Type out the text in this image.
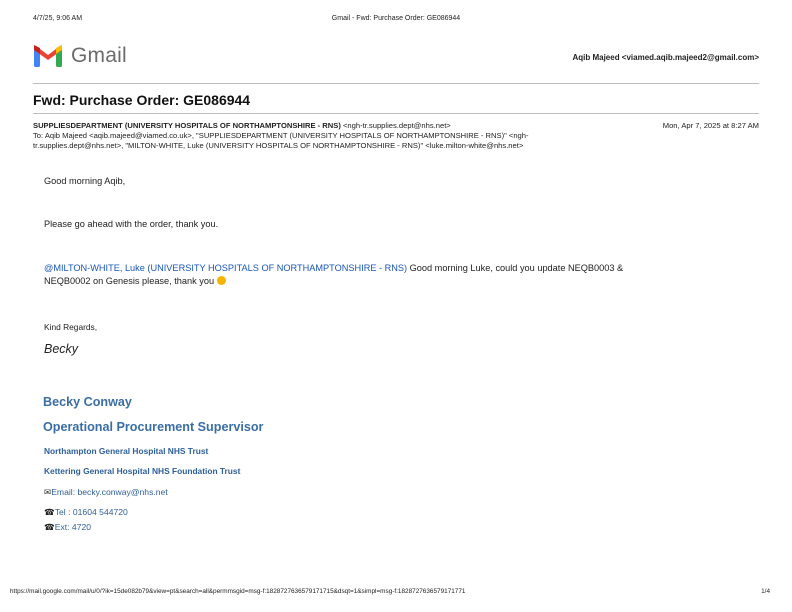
4/7/25, 9:06 AM	Gmail - Fwd: Purchase Order: GE086944
Gmail	Aqib Majeed <viamed.aqib.majeed2@gmail.com>
Fwd: Purchase Order: GE086944
SUPPLIESDEPARTMENT (UNIVERSITY HOSPITALS OF NORTHAMPTONSHIRE - RNS) <ngh-tr.supplies.dept@nhs.net>	Mon, Apr 7, 2025 at 8:27 AM
To: Aqib Majeed <aqib.majeed@viamed.co.uk>, "SUPPLIESDEPARTMENT (UNIVERSITY HOSPITALS OF NORTHAMPTONSHIRE - RNS)" <ngh-
tr.supplies.dept@nhs.net>, "MILTON-WHITE, Luke (UNIVERSITY HOSPITALS OF NORTHAMPTONSHIRE - RNS)" <luke.milton-white@nhs.net>
Good morning Aqib,
Please go ahead with the order, thank you.
@MILTON-WHITE, Luke (UNIVERSITY HOSPITALS OF NORTHAMPTONSHIRE - RNS) Good morning Luke, could you update NEQB0003 &
NEQB0002 on Genesis please, thank you
Kind Regards,
Becky
Becky Conway
Operational Procurement Supervisor
Northampton General Hospital NHS Trust
Kettering General Hospital NHS Foundation Trust
✉Email: becky.conway@nhs.net
☎Tel : 01604 544720
☎Ext: 4720
https://mail.google.com/mail/u/0/?ik=15de082b79&view=pt&search=all&permmsgid=msg-f:1828727636579171715&dsqt=1&simpl=msg-f:1828727636579171771	1/4
